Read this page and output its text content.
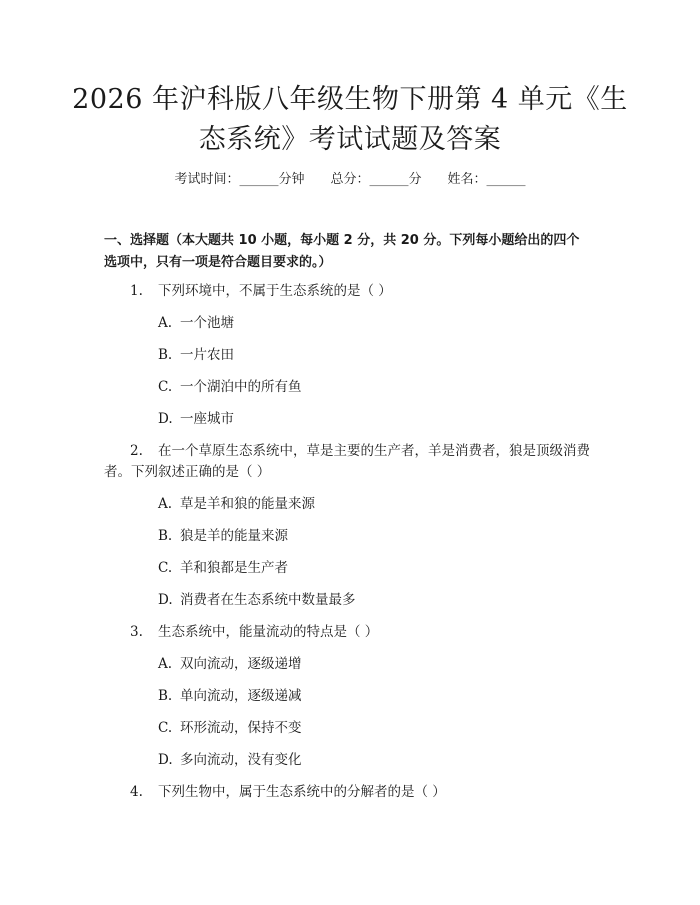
2026 年沪科版八年级生物下册第 4 单元《生
态系统》考试试题及答案
考试时间：______分钟 总分：______分 姓名：______

一、选择题（本大题共 10 小题，每小题 2 分，共 20 分。下列每小题给出的四个

选项中，只有一项是符合题目要求的。）

1.	下列环境中，不属于生态系统的是（ ）
A. 一个池塘
B. 一片农田
C. 一个湖泊中的所有鱼
D. 一座城市
2.	在一个草原生态系统中，草是主要的生产者，羊是消费者，狼是顶级消费
者。下列叙述正确的是（ ）
A. 草是羊和狼的能量来源
B. 狼是羊的能量来源
C. 羊和狼都是生产者
D. 消费者在生态系统中数量最多
3.	生态系统中，能量流动的特点是（ ）
A. 双向流动，逐级递增
B. 单向流动，逐级递减
C. 环形流动，保持不变
D. 多向流动，没有变化
4.	下列生物中，属于生态系统中的分解者的是（ ）
